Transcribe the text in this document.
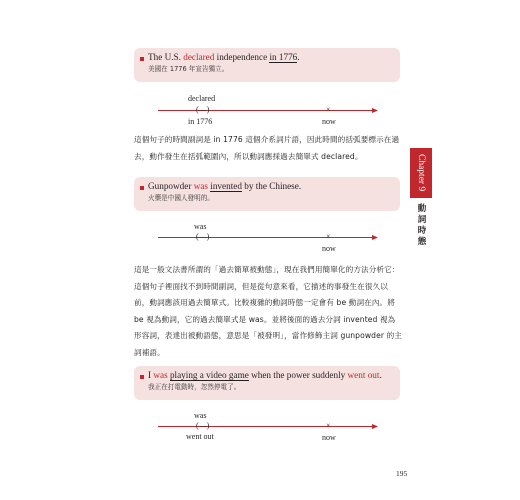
The U.S. declared independence in 1776.
美國在 1776 年宣告獨立。
declared
(—)
in 1776
×
now

這個句子的時間副詞是 in 1776 這個介系詞片語，因此時間的括弧要標示在過去，動作發生在括弧範圍內，所以動詞應採過去簡單式 declared。	Chapter 9
動
詞
時
態
Gunpowder was invented by the Chinese.
火藥是中國人發明的。
was
(—)	×
now

這是一般文法書所謂的「過去簡單被動態」，現在我們用簡單化的方法分析它：這個句子裡面找不到時間副詞，但是從句意來看，它描述的事發生在很久以前，動詞應該用過去簡單式。比較複雜的動詞時態一定會有 be 動詞在內。將 be 視為動詞，它的過去簡單式是 was。並將後面的過去分詞 invented 視為形容詞，表達出被動語態，意思是「被發明」，當作修飾主詞 gunpowder 的主詞補語。

I was playing a video game when the power suddenly went out.
我正在打電動時，忽然停電了。
was
(—)
went out
×
now
195
